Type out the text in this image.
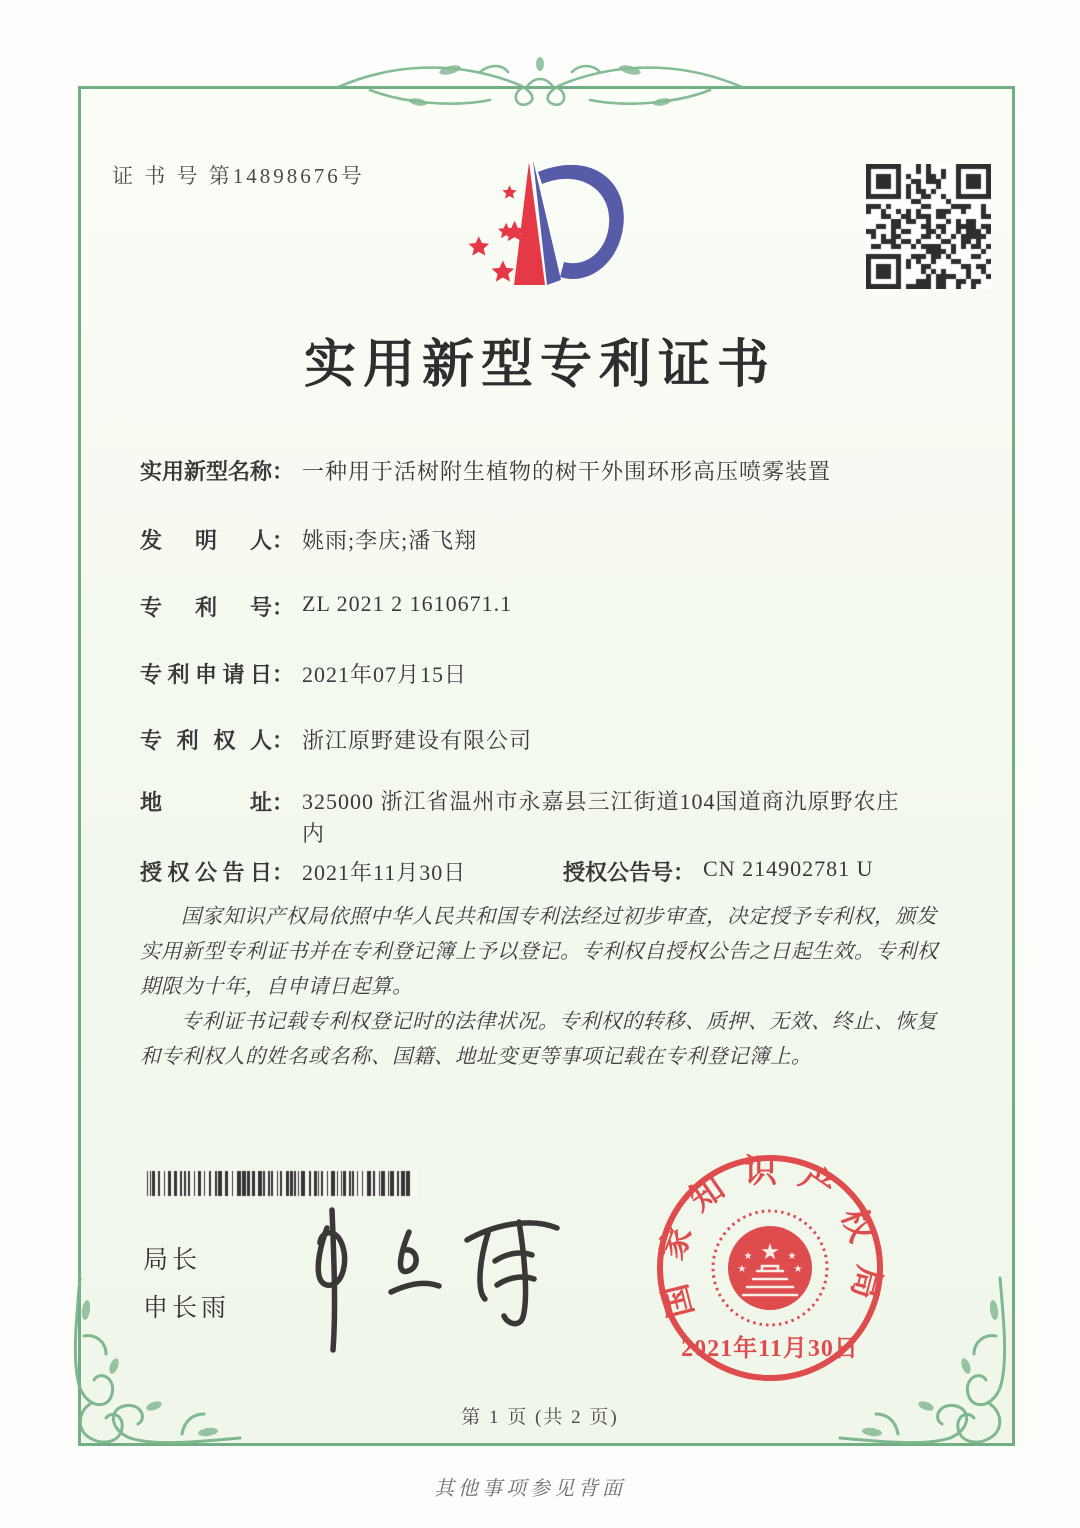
证 书 号 第14898676号
实用新型专利证书
实用新型名称 ： 一种用于活树附生植物的树干外围环形高压喷雾装置
发明人 ： 姚雨;李庆;潘飞翔
专利号 ： ZL 2021 2 1610671.1
专利申请日 ： 2021年07月15日
专利权人 ： 浙江原野建设有限公司
地址 ： 325000 浙江省温州市永嘉县三江街道104国道商氿原野农庄内
授权公告日 ： 2021年11月30日	授权公告号 ： CN 214902781 U

国家知识产权局依照中华人民共和国专利法经过初步审查，决定授予专利权，颁发实用新型专利证书并在专利登记簿上予以登记。专利权自授权公告之日起生效。专利权期限为十年，自申请日起算。

专利证书记载专利权登记时的法律状况。专利权的转移、质押、无效、终止、恢复和专利权人的姓名或名称、国籍、地址变更等事项记载在专利登记簿上。

局长
申长雨	国家知识产权局
★
★	★
★	★
2021年11月30日
第 1 页 (共 2 页)
其他事项参见背面
